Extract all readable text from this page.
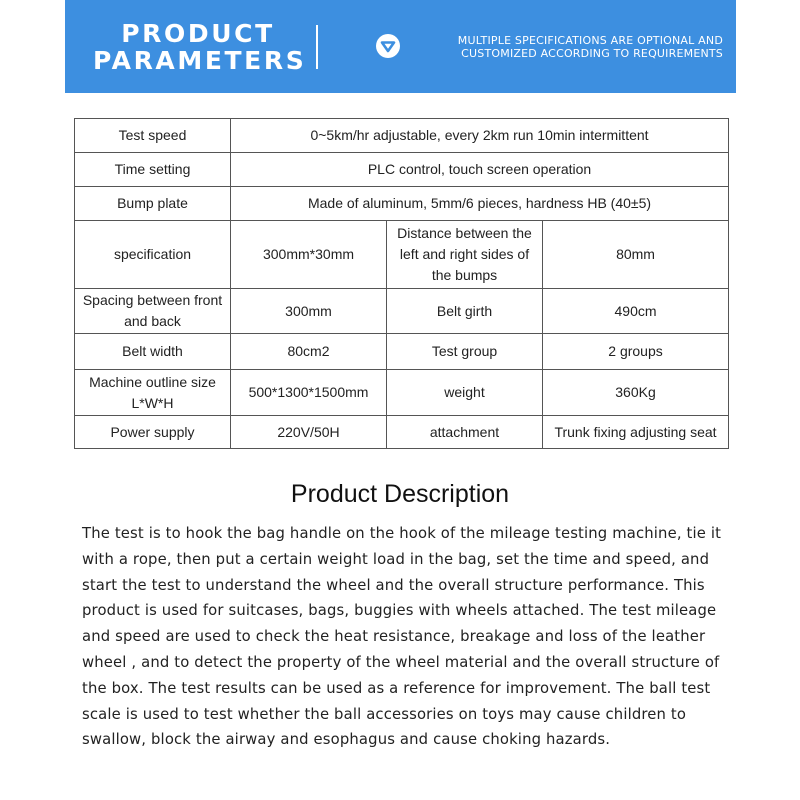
PRODUCT
PARAMETERS
MULTIPLE SPECIFICATIONS ARE OPTIONAL AND
CUSTOMIZED ACCORDING TO REQUIREMENTS
Test speed	0~5km/hr adjustable, every 2km run 10min intermittent		
Time setting	PLC control, touch screen operation		
Bump plate	Made of aluminum, 5mm/6 pieces, hardness HB (40±5)		
specification	300mm*30mm	Distance between the left and right sides of the bumps	80mm
Spacing between front and back	300mm	Belt girth	490cm
Belt width	80cm2	Test group	2 groups
Machine outline size L*W*H	500*1300*1500mm	weight	360Kg
Power supply	220V/50H	attachment	Trunk fixing adjusting seat
Product Description

The test is to hook the bag handle on the hook of the mileage testing machine, tie it with a rope, then put a certain weight load in the bag, set the time and speed, and start the test to understand the wheel and the overall structure performance. This product is used for suitcases, bags, buggies with wheels attached. The test mileage and speed are used to check the heat resistance, breakage and loss of the leather wheel , and to detect the property of the wheel material and the overall structure of the box. The test results can be used as a reference for improvement. The ball test scale is used to test whether the ball accessories on toys may cause children to swallow, block the airway and esophagus and cause choking hazards.
